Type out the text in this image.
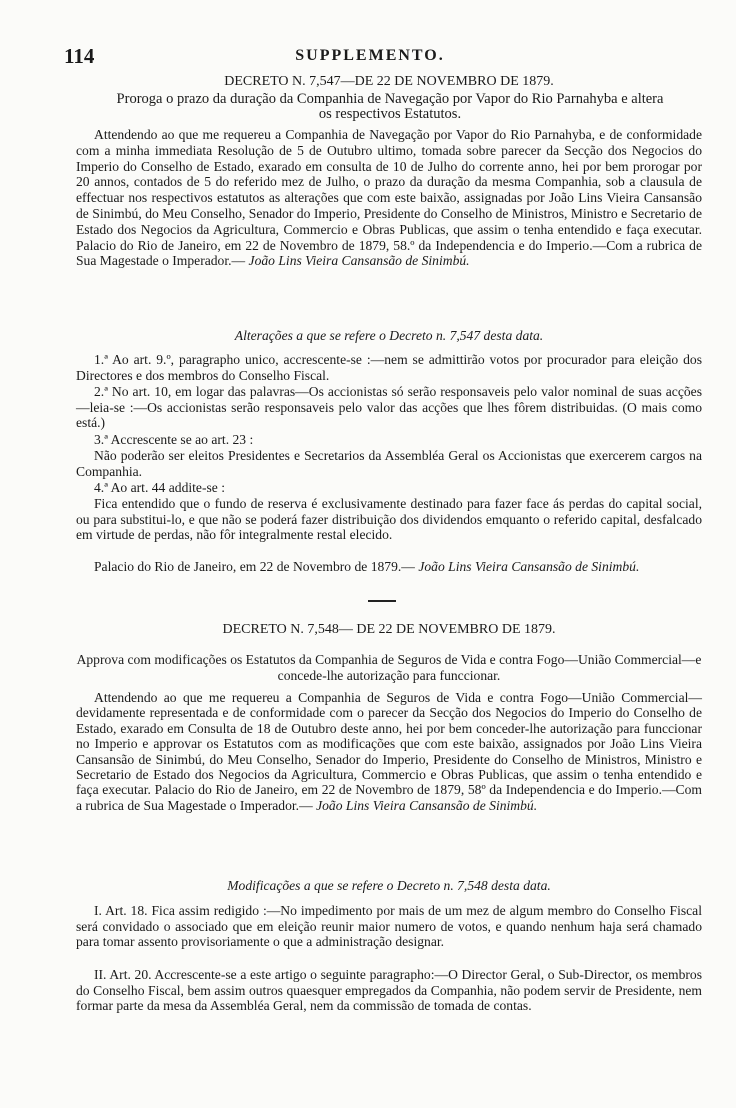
114	SUPPLEMENTO.
DECRETO N. 7,547—DE 22 DE NOVEMBRO DE 1879.
Proroga o prazo da duração da Companhia de Navegação por Vapor do Rio Parnahyba e altera os respectivos Estatutos.
Attendendo ao que me requereu a Companhia de Navegação por Vapor do Rio Parnahyba, e de conformidade com a minha immediata Resolução de 5 de Outubro ultimo, tomada sobre parecer da Secção dos Negocios do Imperio do Conselho de Estado, exarado em consulta de 10 de Julho do corrente anno, hei por bem prorogar por 20 annos, contados de 5 do referido mez de Julho, o prazo da duração da mesma Companhia, sob a clausula de effectuar nos respectivos estatutos as alterações que com este baixão, assignadas por João Lins Vieira Cansansão de Sinimbú, do Meu Conselho, Senador do Imperio, Presidente do Conselho de Ministros, Ministro e Secretario de Estado dos Negocios da Agricultura, Commercio e Obras Publicas, que assim o tenha entendido e faça executar. Palacio do Rio de Janeiro, em 22 de Novembro de 1879, 58.º da Independencia e do Imperio.—Com a rubrica de Sua Magestade o Imperador.— João Lins Vieira Cansansão de Sinimbú.
Alterações a que se refere o Decreto n. 7,547 desta data.
1.ª Ao art. 9.º, paragrapho unico, accrescente-se :—nem se admittirão votos por procurador para eleição dos Directores e dos membros do Conselho Fiscal.
2.ª No art. 10, em logar das palavras—Os accionistas só serão responsaveis pelo valor nominal de suas acções—leia-se :—Os accionistas serão responsaveis pelo valor das acções que lhes fôrem distribuidas. (O mais como está.)
3.ª Accrescente se ao art. 23 :
Não poderão ser eleitos Presidentes e Secretarios da Assembléa Geral os Accionistas que exercerem cargos na Companhia.
4.ª Ao art. 44 addite-se :
Fica entendido que o fundo de reserva é exclusivamente destinado para fazer face ás perdas do capital social, ou para substitui-lo, e que não se poderá fazer distribuição dos dividendos emquanto o referido capital, desfalcado em virtude de perdas, não fôr integralmente restal elecido.
Palacio do Rio de Janeiro, em 22 de Novembro de 1879.— João Lins Vieira Cansansão de Sinimbú.
DECRETO N. 7,548— DE 22 DE NOVEMBRO DE 1879.
Approva com modificações os Estatutos da Companhia de Seguros de Vida e contra Fogo—União Commercial—e concede-lhe autorização para funccionar.
Attendendo ao que me requereu a Companhia de Seguros de Vida e contra Fogo—União Commercial—devidamente representada e de conformidade com o parecer da Secção dos Negocios do Imperio do Conselho de Estado, exarado em Consulta de 18 de Outubro deste anno, hei por bem conceder-lhe autorização para funccionar no Imperio e approvar os Estatutos com as modificações que com este baixão, assignados por João Lins Vieira Cansansão de Sinimbú, do Meu Conselho, Senador do Imperio, Presidente do Conselho de Ministros, Ministro e Secretario de Estado dos Negocios da Agricultura, Commercio e Obras Publicas, que assim o tenha entendido e faça executar. Palacio do Rio de Janeiro, em 22 de Novembro de 1879, 58º da Independencia e do Imperio.—Com a rubrica de Sua Magestade o Imperador.— João Lins Vieira Cansansão de Sinimbú.
Modificações a que se refere o Decreto n. 7,548 desta data.
I. Art. 18. Fica assim redigido :—No impedimento por mais de um mez de algum membro do Conselho Fiscal será convidado o associado que em eleição reunir maior numero de votos, e quando nenhum haja será chamado para tomar assento provisoriamente o que a administração designar.
II. Art. 20. Accrescente-se a este artigo o seguinte paragrapho:—O Director Geral, o Sub-Director, os membros do Conselho Fiscal, bem assim outros quaesquer empregados da Companhia, não podem servir de Presidente, nem formar parte da mesa da Assembléa Geral, nem da commissão de tomada de contas.
